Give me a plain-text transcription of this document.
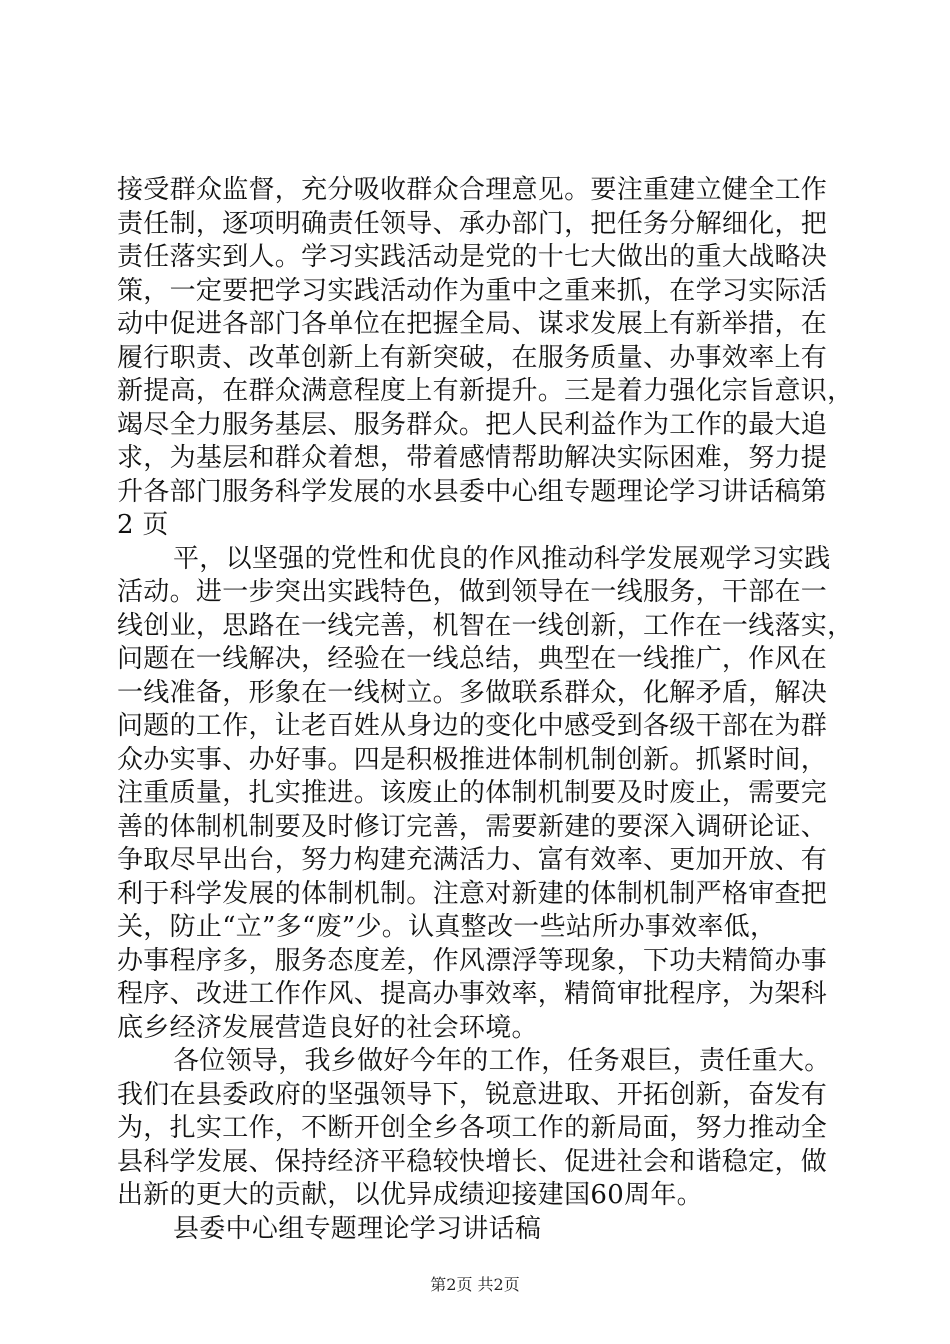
接受群众监督，充分吸收群众合理意见。要注重建立健全工作
责任制，逐项明确责任领导、承办部门，把任务分解细化，把
责任落实到人。学习实践活动是党的十七大做出的重大战略决
策，一定要把学习实践活动作为重中之重来抓，在学习实际活
动中促进各部门各单位在把握全局、谋求发展上有新举措，在
履行职责、改革创新上有新突破，在服务质量、办事效率上有
新提高，在群众满意程度上有新提升。三是着力强化宗旨意识，
竭尽全力服务基层、服务群众。把人民利益作为工作的最大追
求，为基层和群众着想，带着感情帮助解决实际困难，努力提
升各部门服务科学发展的水县委中心组专题理论学习讲话稿第
2 页
平，以坚强的党性和优良的作风推动科学发展观学习实践
活动。进一步突出实践特色，做到领导在一线服务，干部在一
线创业，思路在一线完善，机智在一线创新，工作在一线落实，
问题在一线解决，经验在一线总结，典型在一线推广，作风在
一线准备，形象在一线树立。多做联系群众，化解矛盾，解决
问题的工作，让老百姓从身边的变化中感受到各级干部在为群
众办实事、办好事。四是积极推进体制机制创新。抓紧时间，
注重质量，扎实推进。该废止的体制机制要及时废止，需要完
善的体制机制要及时修订完善，需要新建的要深入调研论证、
争取尽早出台，努力构建充满活力、富有效率、更加开放、有
利于科学发展的体制机制。注意对新建的体制机制严格审查把
关，防止“立”多“废”少。认真整改一些站所办事效率低，
办事程序多，服务态度差，作风漂浮等现象，下功夫精简办事
程序、改进工作作风、提高办事效率，精简审批程序，为架科
底乡经济发展营造良好的社会环境。
各位领导，我乡做好今年的工作，任务艰巨，责任重大。
我们在县委政府的坚强领导下，锐意进取、开拓创新，奋发有
为，扎实工作，不断开创全乡各项工作的新局面，努力推动全
县科学发展、保持经济平稳较快增长、促进社会和谐稳定，做
出新的更大的贡献，以优异成绩迎接建国60周年。
县委中心组专题理论学习讲话稿
第2页 共2页
